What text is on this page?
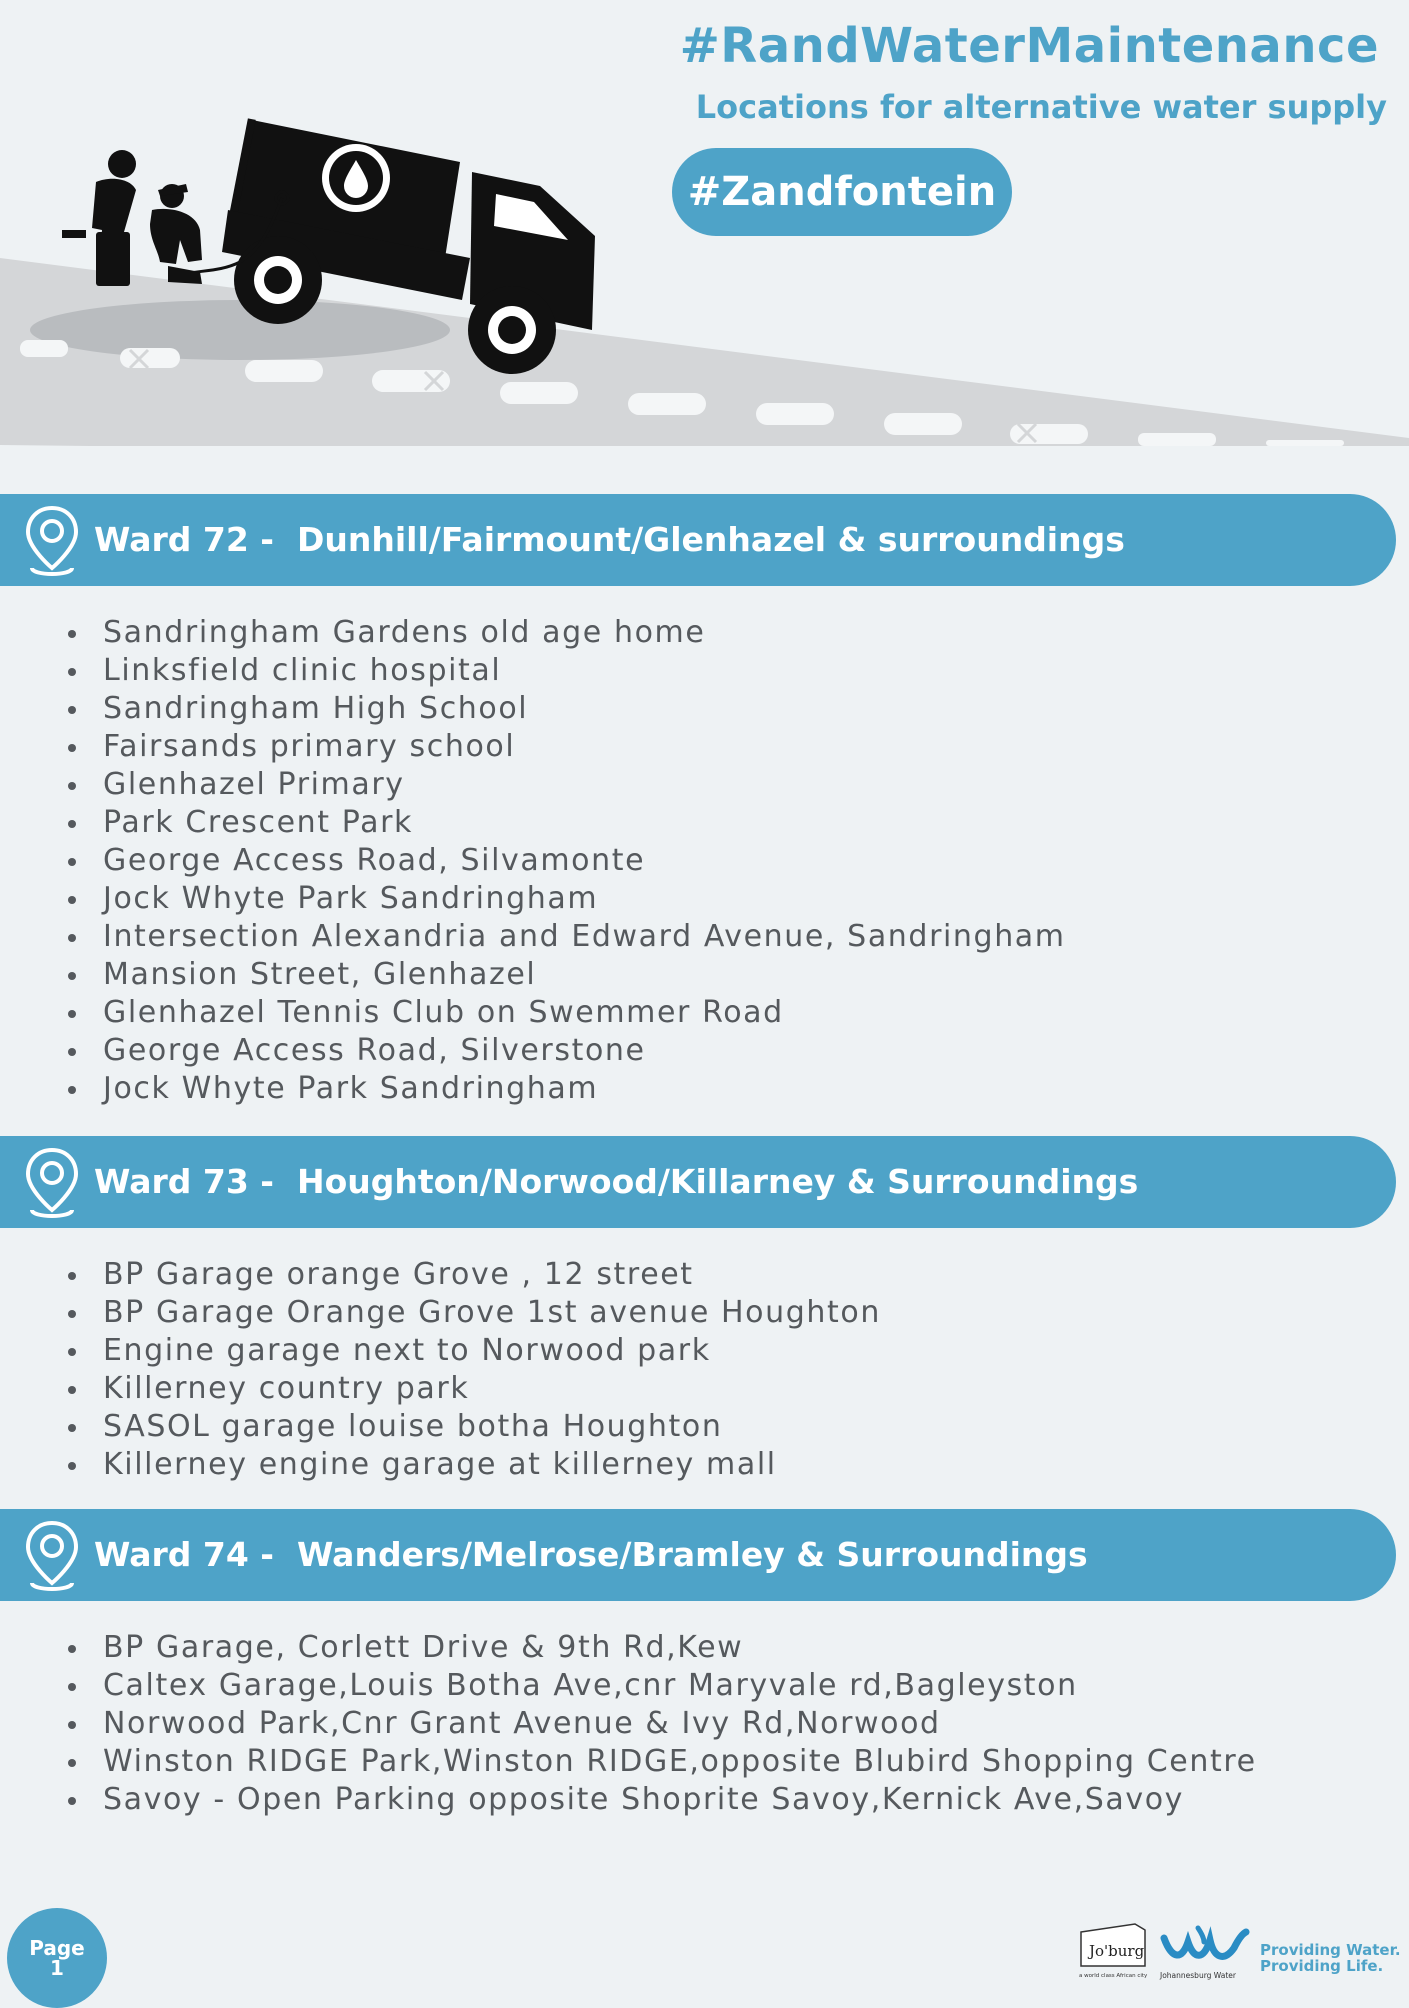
#RandWaterMaintenance
Locations for alternative water supply
#Zandfontein
Ward 72 -  Dunhill/Fairmount/Glenhazel & surroundings
Sandringham Gardens old age home
Linksfield clinic hospital
Sandringham High School
Fairsands primary school
Glenhazel Primary
Park Crescent Park
George Access Road, Silvamonte
Jock Whyte Park Sandringham
Intersection Alexandria and Edward Avenue, Sandringham
Mansion Street, Glenhazel
Glenhazel Tennis Club on Swemmer Road
George Access Road, Silverstone
Jock Whyte Park Sandringham
Ward 73 -  Houghton/Norwood/Killarney & Surroundings
BP Garage orange Grove , 12 street
BP Garage Orange Grove 1st avenue Houghton
Engine garage next to Norwood park
Killerney country park
SASOL garage louise botha Houghton
Killerney engine garage at killerney mall
Ward 74 -  Wanders/Melrose/Bramley & Surroundings
BP Garage, Corlett Drive & 9th Rd,Kew
Caltex Garage,Louis Botha Ave,cnr Maryvale rd,Bagleyston
Norwood Park,Cnr Grant Avenue & Ivy Rd,Norwood
Winston RIDGE Park,Winston RIDGE,opposite Blubird Shopping Centre
Savoy - Open Parking opposite Shoprite Savoy,Kernick Ave,Savoy
Page
1
Jo'burg
a world class African city Johannesburg Water
Providing Water.
Providing Life.
